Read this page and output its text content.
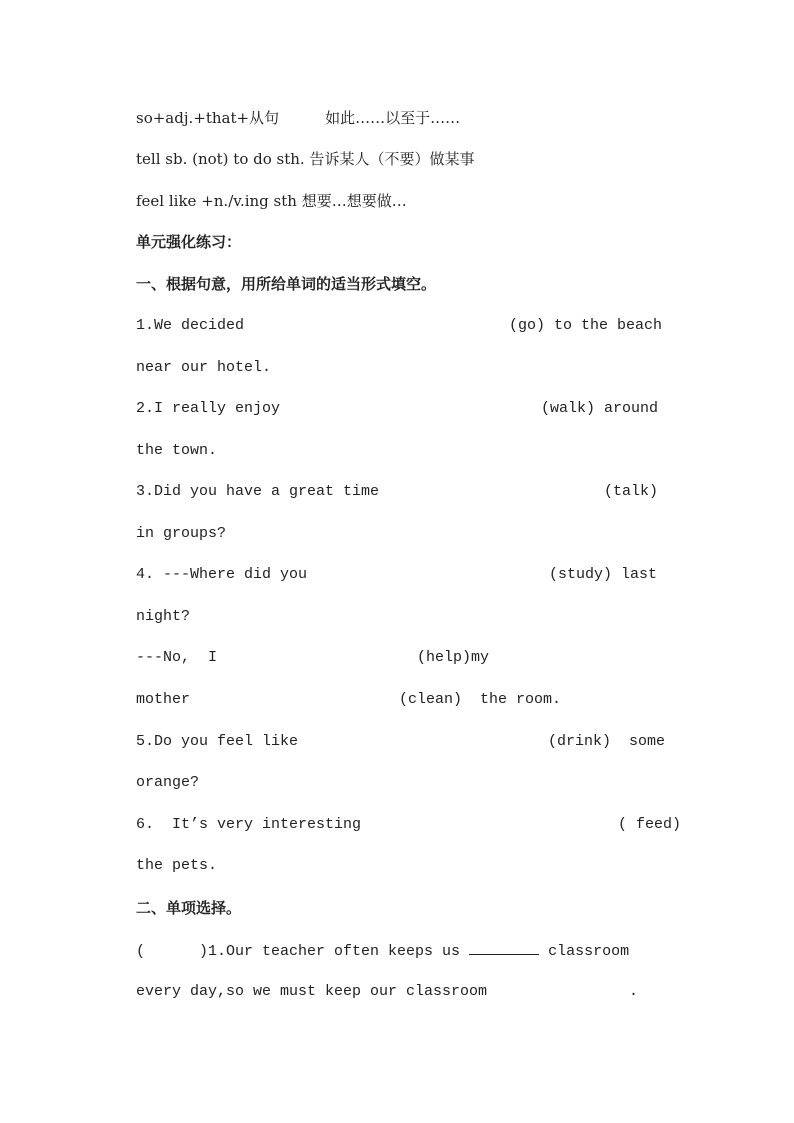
so+adj.+that+从句	如此……以至于……
tell sb. (not) to do sth. 告诉某人（不要）做某事
feel like +n./v.ing sth 想要…想要做…
单元强化练习：
一、根据句意，用所给单词的适当形式填空。
1.We decided	(go) to the beach
near our hotel.
2.I really enjoy	(walk) around
the town.
3.Did you have a great time	(talk)
in groups?
4. ---Where did you	(study) last
night?
---No,  I	(help)my
mother	(clean)  the room.
5.Do you feel like	(drink)  some
orange?
6.  It’s very interesting	( feed)
the pets.
二、单项选择。
(      )1.Our teacher often keeps us	classroom
every day,so we must keep our classroom	.
